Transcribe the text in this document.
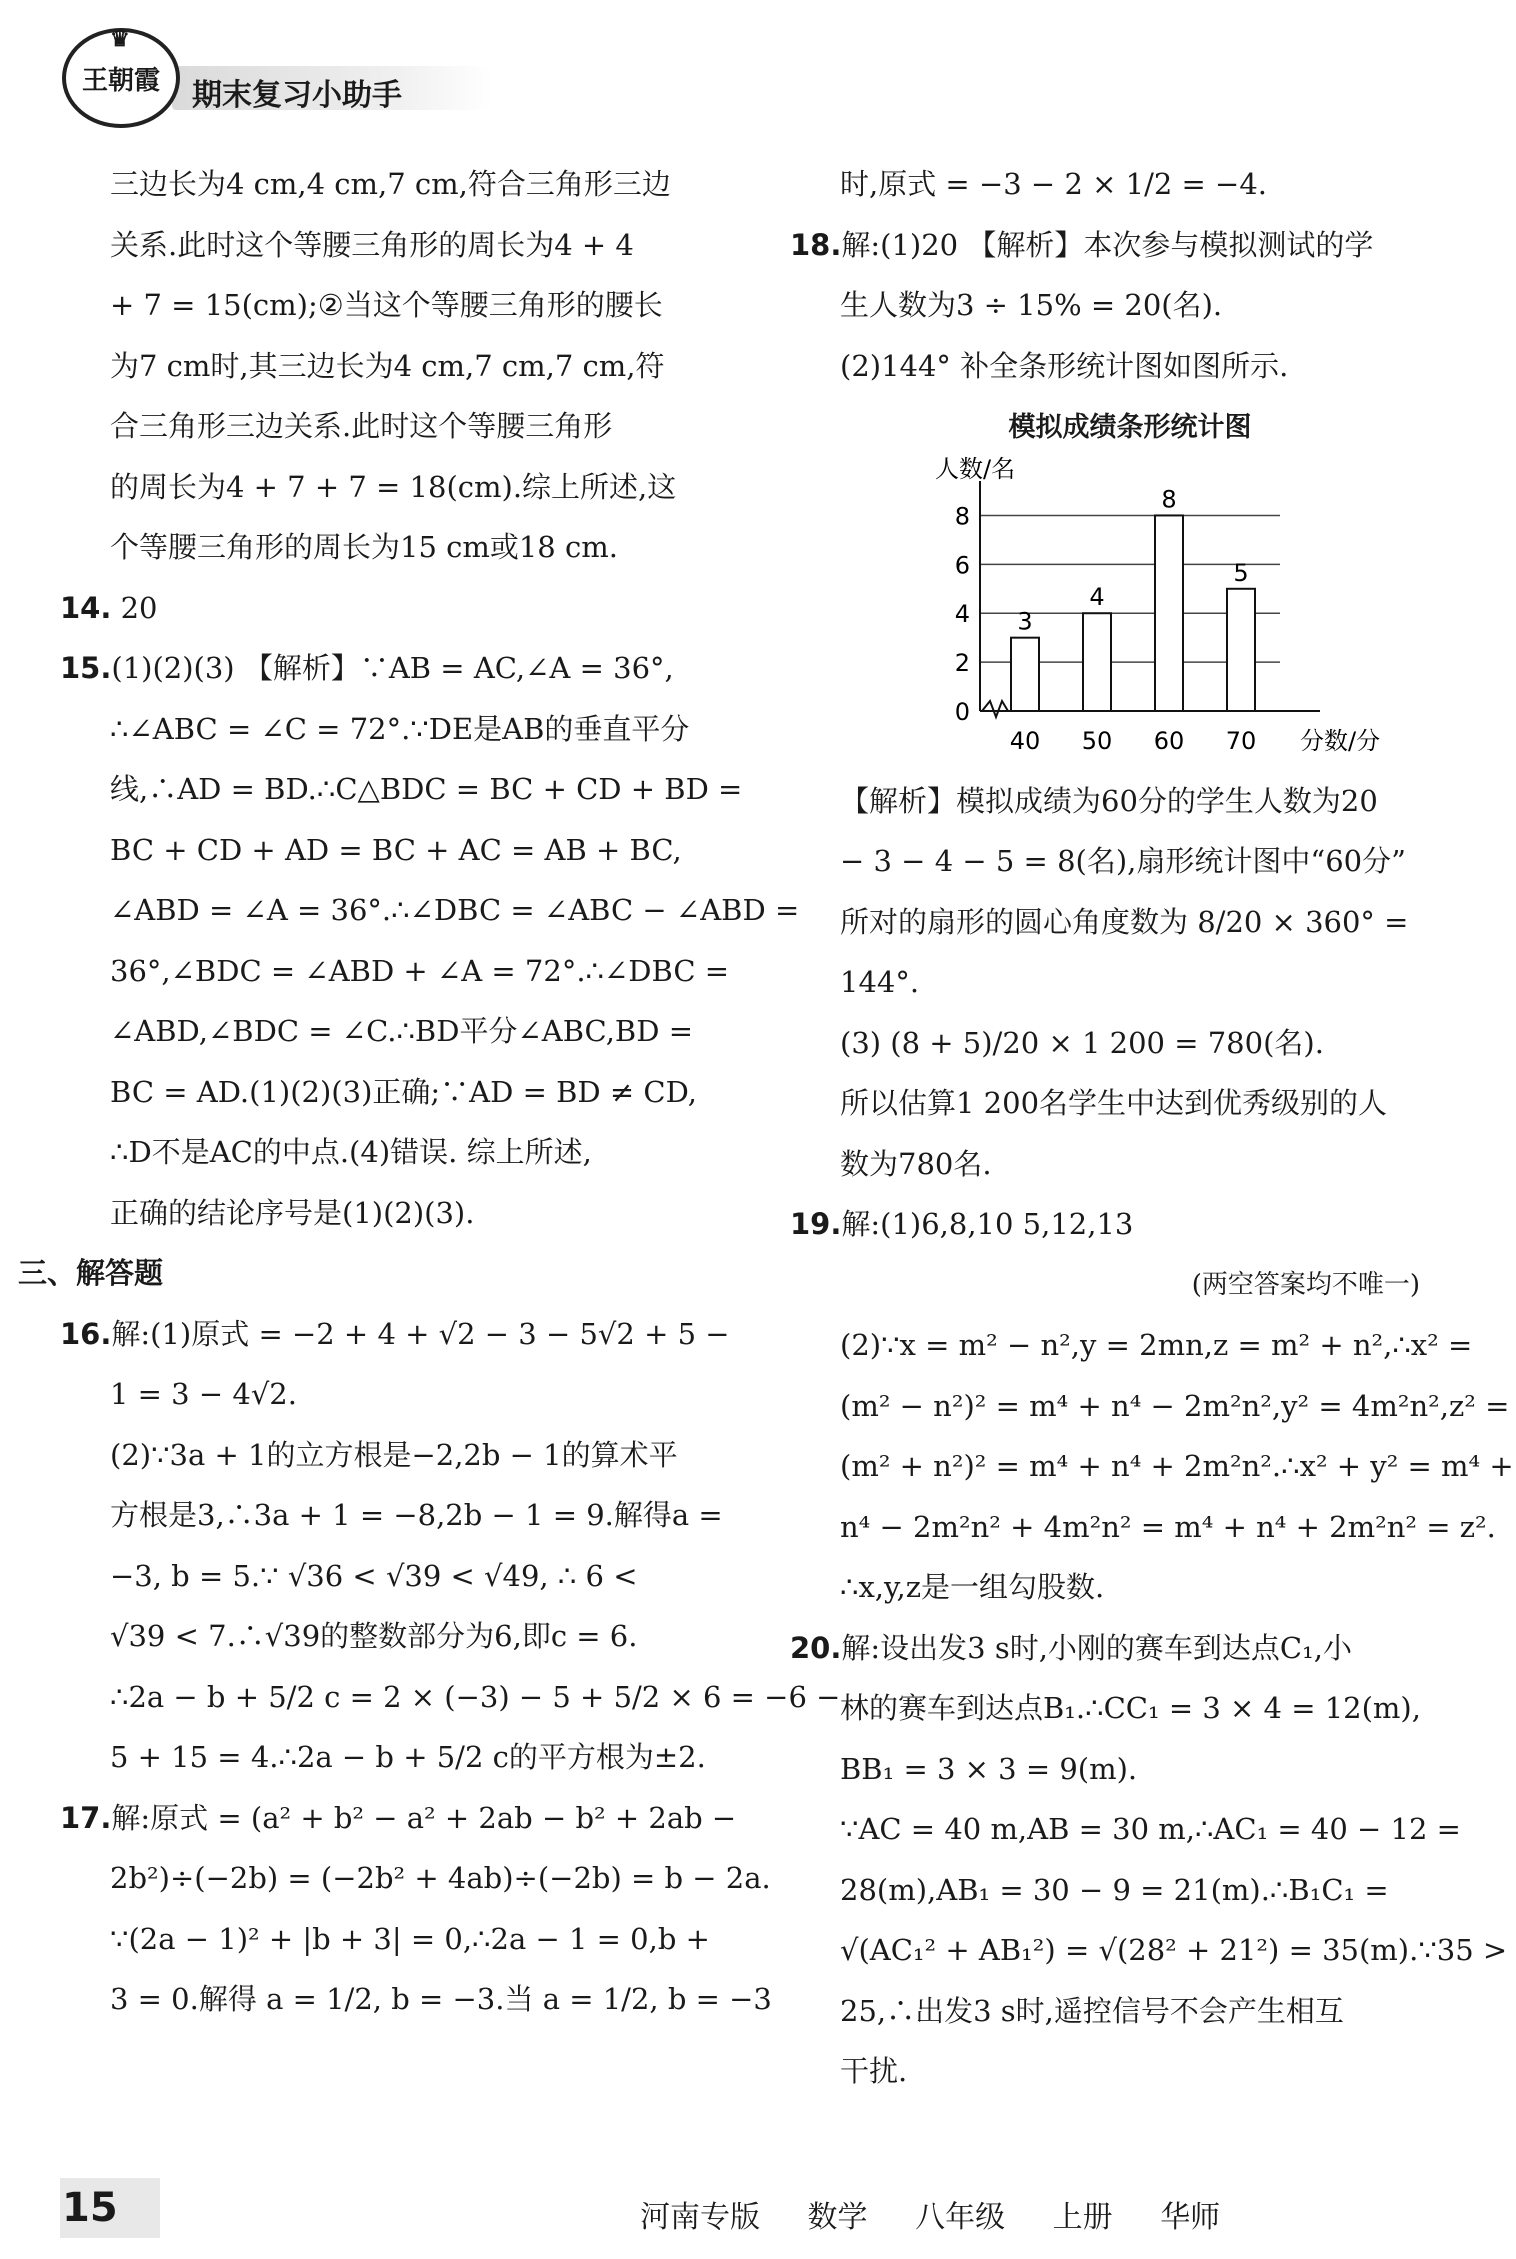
♛
王朝霞 期末复习小助手
三边长为4 cm,4 cm,7 cm,符合三角形三边
关系.此时这个等腰三角形的周长为4 + 4
+ 7 = 15(cm);②当这个等腰三角形的腰长
为7 cm时,其三边长为4 cm,7 cm,7 cm,符
合三角形三边关系.此时这个等腰三角形
的周长为4 + 7 + 7 = 18(cm).综上所述,这
个等腰三角形的周长为15 cm或18 cm.
14. 20
15.(1)(2)(3) 【解析】∵AB = AC,∠A = 36°,
∴∠ABC = ∠C = 72°.∵DE是AB的垂直平分
线,∴AD = BD.∴C△BDC = BC + CD + BD =
BC + CD + AD = BC + AC = AB + BC,
∠ABD = ∠A = 36°.∴∠DBC = ∠ABC − ∠ABD =
36°,∠BDC = ∠ABD + ∠A = 72°.∴∠DBC =
∠ABD,∠BDC = ∠C.∴BD平分∠ABC,BD =
BC = AD.(1)(2)(3)正确;∵AD = BD ≠ CD,
∴D不是AC的中点.(4)错误. 综上所述,
正确的结论序号是(1)(2)(3).
三、解答题
16.解:(1)原式 = −2 + 4 + √2 − 3 − 5√2 + 5 −
1 = 3 − 4√2.
(2)∵3a + 1的立方根是−2,2b − 1的算术平
方根是3,∴3a + 1 = −8,2b − 1 = 9.解得a =
−3, b = 5.∵ √36 < √39 < √49, ∴ 6 <
√39 < 7.∴√39的整数部分为6,即c = 6.
∴2a − b + 5/2 c = 2 × (−3) − 5 + 5/2 × 6 = −6 −
5 + 15 = 4.∴2a − b + 5/2 c的平方根为±2.
17.解:原式 = (a² + b² − a² + 2ab − b² + 2ab −
2b²)÷(−2b) = (−2b² + 4ab)÷(−2b) = b − 2a.
∵(2a − 1)² + |b + 3| = 0,∴2a − 1 = 0,b +
3 = 0.解得 a = 1/2, b = −3.当 a = 1/2, b = −3
时,原式 = −3 − 2 × 1/2 = −4.
18.解:(1)20 【解析】本次参与模拟测试的学
生人数为3 ÷ 15% = 20(名).
(2)144° 补全条形统计图如图所示.
模拟成绩条形统计图
0
2
4
6
8
人数/名
分数/分
3
40
4
50
8
60
5
70
【解析】模拟成绩为60分的学生人数为20
− 3 − 4 − 5 = 8(名),扇形统计图中“60分”
所对的扇形的圆心角度数为 8/20 × 360° =
144°.
(3) (8 + 5)/20 × 1 200 = 780(名).
所以估算1 200名学生中达到优秀级别的人
数为780名.
19.解:(1)6,8,10 5,12,13
(两空答案均不唯一)
(2)∵x = m² − n²,y = 2mn,z = m² + n²,∴x² =
(m² − n²)² = m⁴ + n⁴ − 2m²n²,y² = 4m²n²,z² =
(m² + n²)² = m⁴ + n⁴ + 2m²n².∴x² + y² = m⁴ +
n⁴ − 2m²n² + 4m²n² = m⁴ + n⁴ + 2m²n² = z².
∴x,y,z是一组勾股数.
20.解:设出发3 s时,小刚的赛车到达点C₁,小
林的赛车到达点B₁.∴CC₁ = 3 × 4 = 12(m),
BB₁ = 3 × 3 = 9(m).
∵AC = 40 m,AB = 30 m,∴AC₁ = 40 − 12 =
28(m),AB₁ = 30 − 9 = 21(m).∴B₁C₁ =
√(AC₁² + AB₁²) = √(28² + 21²) = 35(m).∵35 >
25,∴出发3 s时,遥控信号不会产生相互
干扰.
15	河南专版 数学 八年级 上册 华师
